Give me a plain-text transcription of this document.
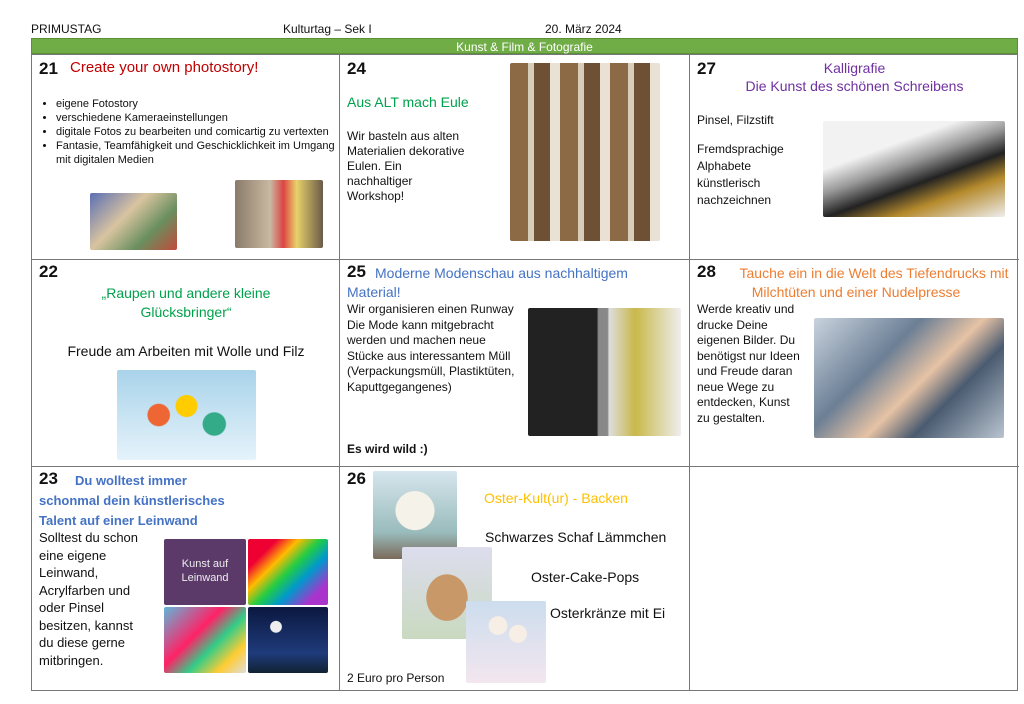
PRIMUSTAG	Kulturtag – Sek I	20. März 2024
Kunst & Film & Fotografie
21 Create your own photostory!
• eigene Fotostory
• verschiedene Kameraeinstellungen
• digitale Fotos zu bearbeiten und comicartig zu vertexten
• Fantasie, Teamfähigkeit und Geschicklichkeit im Umgang mit digitalen Medien
24
Aus ALT mach Eule
Wir basteln aus alten Materialien dekorative Eulen. Ein nachhaltiger Workshop!
27	Kalligrafie
Die Kunst des schönen Schreibens
Pinsel, Filzstift
Fremdsprachige Alphabete künstlerisch nachzeichnen
22
„Raupen und andere kleine Glücksbringer“
Freude am Arbeiten mit Wolle und Filz
25 Moderne Modenschau aus nachhaltigem Material!
Wir organisieren einen Runway Die Mode kann mitgebracht werden und machen neue Stücke aus interessantem Müll (Verpackungsmüll, Plastiktüten, Kaputtgegangenes)
Es wird wild :)
28	Tauche ein in die Welt des Tiefendrucks mit Milchtüten und einer Nudelpresse
Werde kreativ und drucke Deine eigenen Bilder. Du benötigst nur Ideen und Freude daran neue Wege zu entdecken, Kunst zu gestalten.
23	Du wolltest immer schonmal dein künstlerisches Talent auf einer Leinwand
Solltest du schon eine eigene Leinwand, Acrylfarben und oder Pinsel besitzen, kannst du diese gerne mitbringen.
Kunst auf Leinwand
26
Oster-Kult(ur) - Backen
Schwarzes Schaf Lämmchen
Oster-Cake-Pops
Osterkränze mit Ei
2 Euro pro Person
